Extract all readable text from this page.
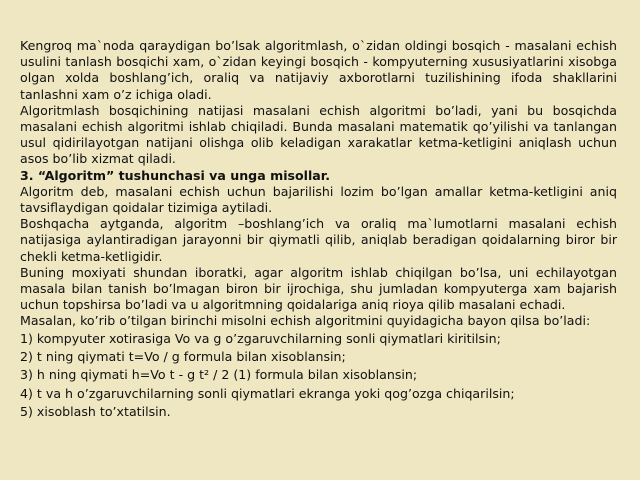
Kengroq ma`noda qaraydigan bo’lsak algoritmlash, o`zidan oldingi bosqich - masalani echish usulini tanlash bosqichi xam, o`zidan keyingi bosqich - kompyuterning xususiyatlarini xisobga olgan xolda boshlang’ich, oraliq va natijaviy axborotlarni tuzilishining ifoda shakllarini tanlashni xam o’z ichiga oladi.

Algoritmlash bosqichining natijasi masalani echish algoritmi bo’ladi, yani bu bosqichda masalani echish algoritmi ishlab chiqiladi. Bunda masalani matematik qo’yilishi va tanlangan usul qidirilayotgan natijani olishga olib keladigan xarakatlar ketma-ketligini aniqlash uchun asos bo’lib xizmat qiladi.

3. “Algoritm” tushunchasi va unga misollar.

Algoritm deb, masalani echish uchun bajarilishi lozim bo’lgan amallar ketma-ketligini aniq tavsiflaydigan qoidalar tizimiga aytiladi.

Boshqacha aytganda, algoritm –boshlang’ich va oraliq ma`lumotlarni masalani echish natijasiga aylantiradigan jarayonni bir qiymatli qilib, aniqlab beradigan qoidalarning biror bir chekli ketma-ketligidir.

Buning moxiyati shundan iboratki, agar algoritm ishlab chiqilgan bo’lsa, uni echilayotgan masala bilan tanish bo’lmagan biron bir ijrochiga, shu jumladan kompyuterga xam bajarish uchun topshirsa bo’ladi va u algoritmning qoidalariga aniq rioya qilib masalani echadi.

Masalan, ko’rib o’tilgan birinchi misolni echish algoritmini quyidagicha bayon qilsa bo’ladi:

1) kompyuter xotirasiga Vo va g o’zgaruvchilarning sonli qiymatlari kiritilsin;
2) t ning qiymati t=Vo / g formula bilan xisoblansin;
3) h ning qiymati h=Vo t - g t² / 2 (1) formula bilan xisoblansin;
4) t va h o’zgaruvchilarning sonli qiymatlari ekranga yoki qog’ozga chiqarilsin;
5) xisoblash to’xtatilsin.
